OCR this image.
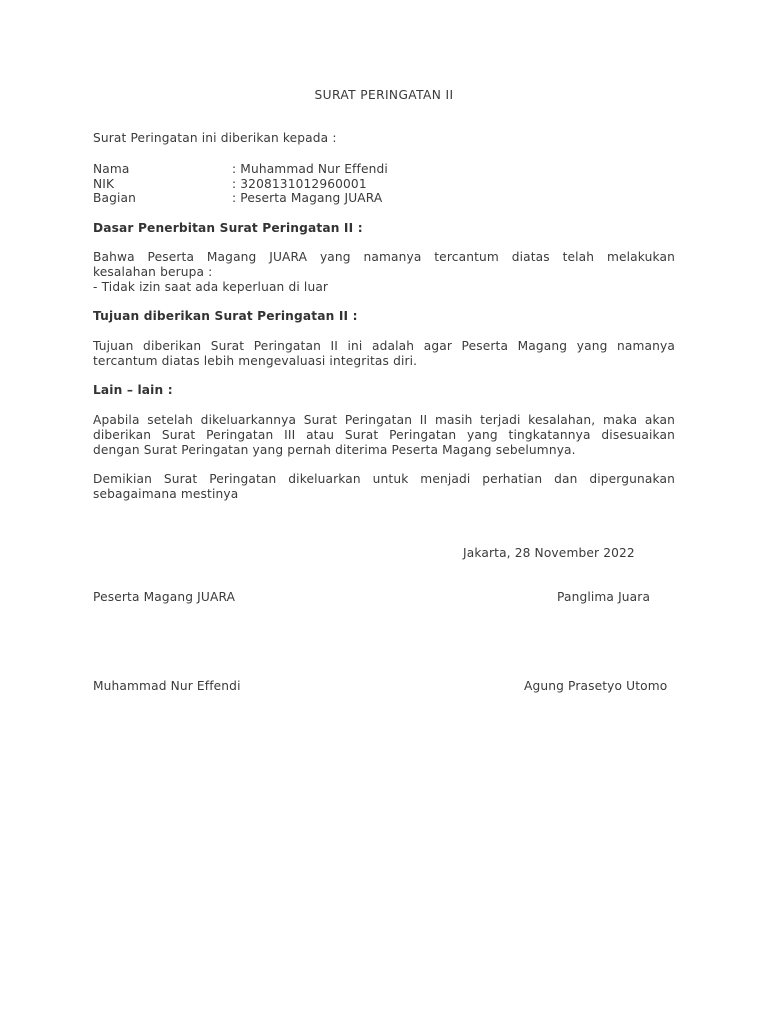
SURAT PERINGATAN II
Surat Peringatan ini diberikan kepada :
Nama	: Muhammad Nur Effendi
NIK	: 3208131012960001
Bagian	: Peserta Magang JUARA
Dasar Penerbitan Surat Peringatan II :
Bahwa Peserta Magang JUARA yang namanya tercantum diatas telah melakukan
kesalahan berupa :
- Tidak izin saat ada keperluan di luar
Tujuan diberikan Surat Peringatan II :
Tujuan diberikan Surat Peringatan II ini adalah agar Peserta Magang yang namanya
tercantum diatas lebih mengevaluasi integritas diri.
Lain – lain :
Apabila setelah dikeluarkannya Surat Peringatan II masih terjadi kesalahan, maka akan
diberikan Surat Peringatan III atau Surat Peringatan yang tingkatannya disesuaikan
dengan Surat Peringatan yang pernah diterima Peserta Magang sebelumnya.
Demikian Surat Peringatan dikeluarkan untuk menjadi perhatian dan dipergunakan
sebagaimana mestinya
Jakarta, 28 November 2022
Peserta Magang JUARA	Panglima Juara
Muhammad Nur Effendi	Agung Prasetyo Utomo
